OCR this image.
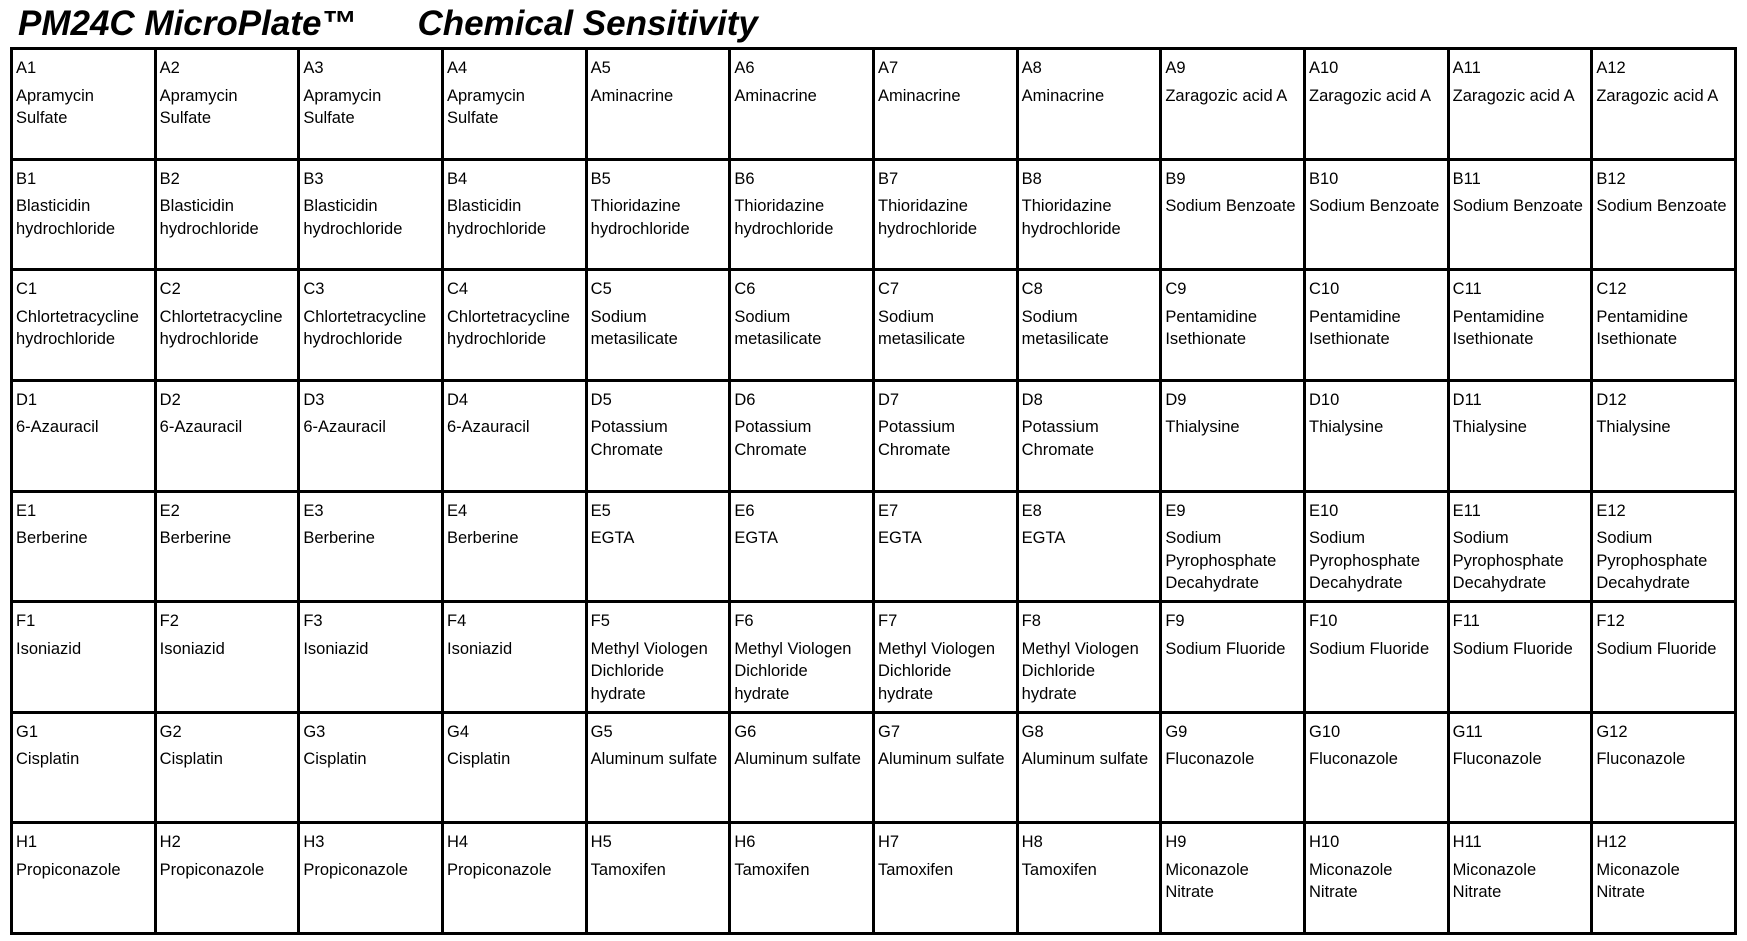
PM24C MicroPlate™ Chemical Sensitivity
A1
Apramycin
Sulfate
A2
Apramycin
Sulfate
A3
Apramycin
Sulfate
A4
Apramycin
Sulfate
A5
Aminacrine
A6
Aminacrine
A7
Aminacrine
A8
Aminacrine
A9
Zaragozic acid A
A10
Zaragozic acid A
A11
Zaragozic acid A
A12
Zaragozic acid A
B1
Blasticidin
hydrochloride
B2
Blasticidin
hydrochloride
B3
Blasticidin
hydrochloride
B4
Blasticidin
hydrochloride
B5
Thioridazine
hydrochloride
B6
Thioridazine
hydrochloride
B7
Thioridazine
hydrochloride
B8
Thioridazine
hydrochloride
B9
Sodium Benzoate
B10
Sodium Benzoate
B11
Sodium Benzoate
B12
Sodium Benzoate
C1
Chlortetracycline
hydrochloride
C2
Chlortetracycline
hydrochloride
C3
Chlortetracycline
hydrochloride
C4
Chlortetracycline
hydrochloride
C5
Sodium
metasilicate
C6
Sodium
metasilicate
C7
Sodium
metasilicate
C8
Sodium
metasilicate
C9
Pentamidine
Isethionate
C10
Pentamidine
Isethionate
C11
Pentamidine
Isethionate
C12
Pentamidine
Isethionate
D1
6-Azauracil
D2
6-Azauracil
D3
6-Azauracil
D4
6-Azauracil
D5
Potassium
Chromate
D6
Potassium
Chromate
D7
Potassium
Chromate
D8
Potassium
Chromate
D9
Thialysine
D10
Thialysine
D11
Thialysine
D12
Thialysine
E1
Berberine
E2
Berberine
E3
Berberine
E4
Berberine
E5
EGTA
E6
EGTA
E7
EGTA
E8
EGTA
E9
Sodium
Pyrophosphate
Decahydrate
E10
Sodium
Pyrophosphate
Decahydrate
E11
Sodium
Pyrophosphate
Decahydrate
E12
Sodium
Pyrophosphate
Decahydrate
F1
Isoniazid
F2
Isoniazid
F3
Isoniazid
F4
Isoniazid
F5
Methyl Viologen
Dichloride
hydrate
F6
Methyl Viologen
Dichloride
hydrate
F7
Methyl Viologen
Dichloride
hydrate
F8
Methyl Viologen
Dichloride
hydrate
F9
Sodium Fluoride
F10
Sodium Fluoride
F11
Sodium Fluoride
F12
Sodium Fluoride
G1
Cisplatin
G2
Cisplatin
G3
Cisplatin
G4
Cisplatin
G5
Aluminum sulfate
G6
Aluminum sulfate
G7
Aluminum sulfate
G8
Aluminum sulfate
G9
Fluconazole
G10
Fluconazole
G11
Fluconazole
G12
Fluconazole
H1
Propiconazole
H2
Propiconazole
H3
Propiconazole
H4
Propiconazole
H5
Tamoxifen
H6
Tamoxifen
H7
Tamoxifen
H8
Tamoxifen
H9
Miconazole
Nitrate
H10
Miconazole
Nitrate
H11
Miconazole
Nitrate
H12
Miconazole
Nitrate
